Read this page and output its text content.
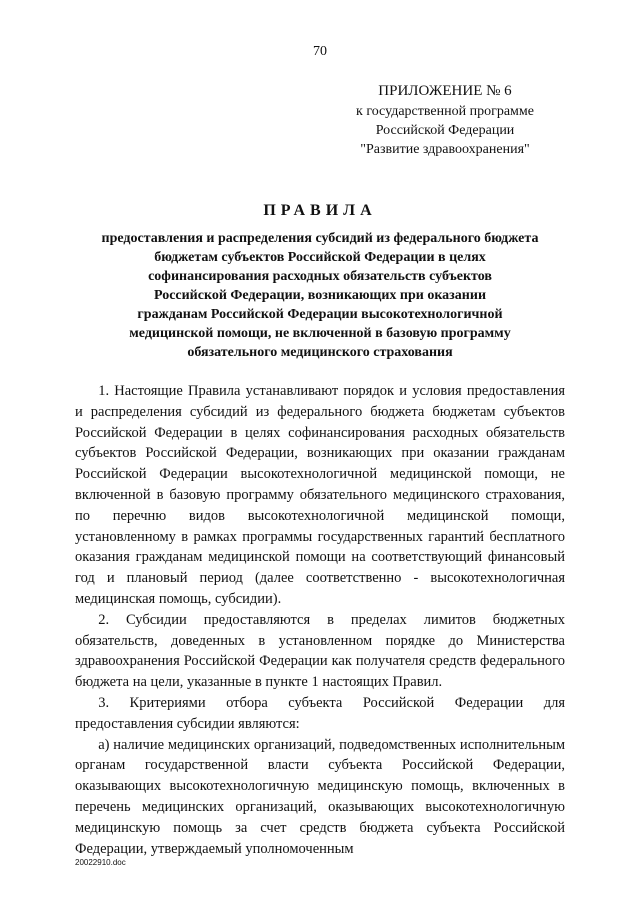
70
ПРИЛОЖЕНИЕ № 6
к государственной программе
Российской Федерации
"Развитие здравоохранения"
ПРАВИЛА
предоставления и распределения субсидий из федерального бюджета
бюджетам субъектов Российской Федерации в целях
софинансирования расходных обязательств субъектов
Российской Федерации, возникающих при оказании
гражданам Российской Федерации высокотехнологичной
медицинской помощи, не включенной в базовую программу
обязательного медицинского страхования

1. Настоящие Правила устанавливают порядок и условия предоставления и распределения субсидий из федерального бюджета бюджетам субъектов Российской Федерации в целях софинансирования расходных обязательств субъектов Российской Федерации, возникающих при оказании гражданам Российской Федерации высокотехнологичной медицинской помощи, не включенной в базовую программу обязательного медицинского страхования, по перечню видов высокотехнологичной медицинской помощи, установленному в рамках программы государственных гарантий бесплатного оказания гражданам медицинской помощи на соответствующий финансовый год и плановый период (далее соответственно - высокотехнологичная медицинская помощь, субсидии).

2. Субсидии предоставляются в пределах лимитов бюджетных обязательств, доведенных в установленном порядке до Министерства здравоохранения Российской Федерации как получателя средств федерального бюджета на цели, указанные в пункте 1 настоящих Правил.

3. Критериями отбора субъекта Российской Федерации для предоставления субсидии являются:

а) наличие медицинских организаций, подведомственных исполнительным органам государственной власти субъекта Российской Федерации, оказывающих высокотехнологичную медицинскую помощь, включенных в перечень медицинских организаций, оказывающих высокотехнологичную медицинскую помощь за счет средств бюджета субъекта Российской Федерации, утверждаемый уполномоченным

20022910.doc
